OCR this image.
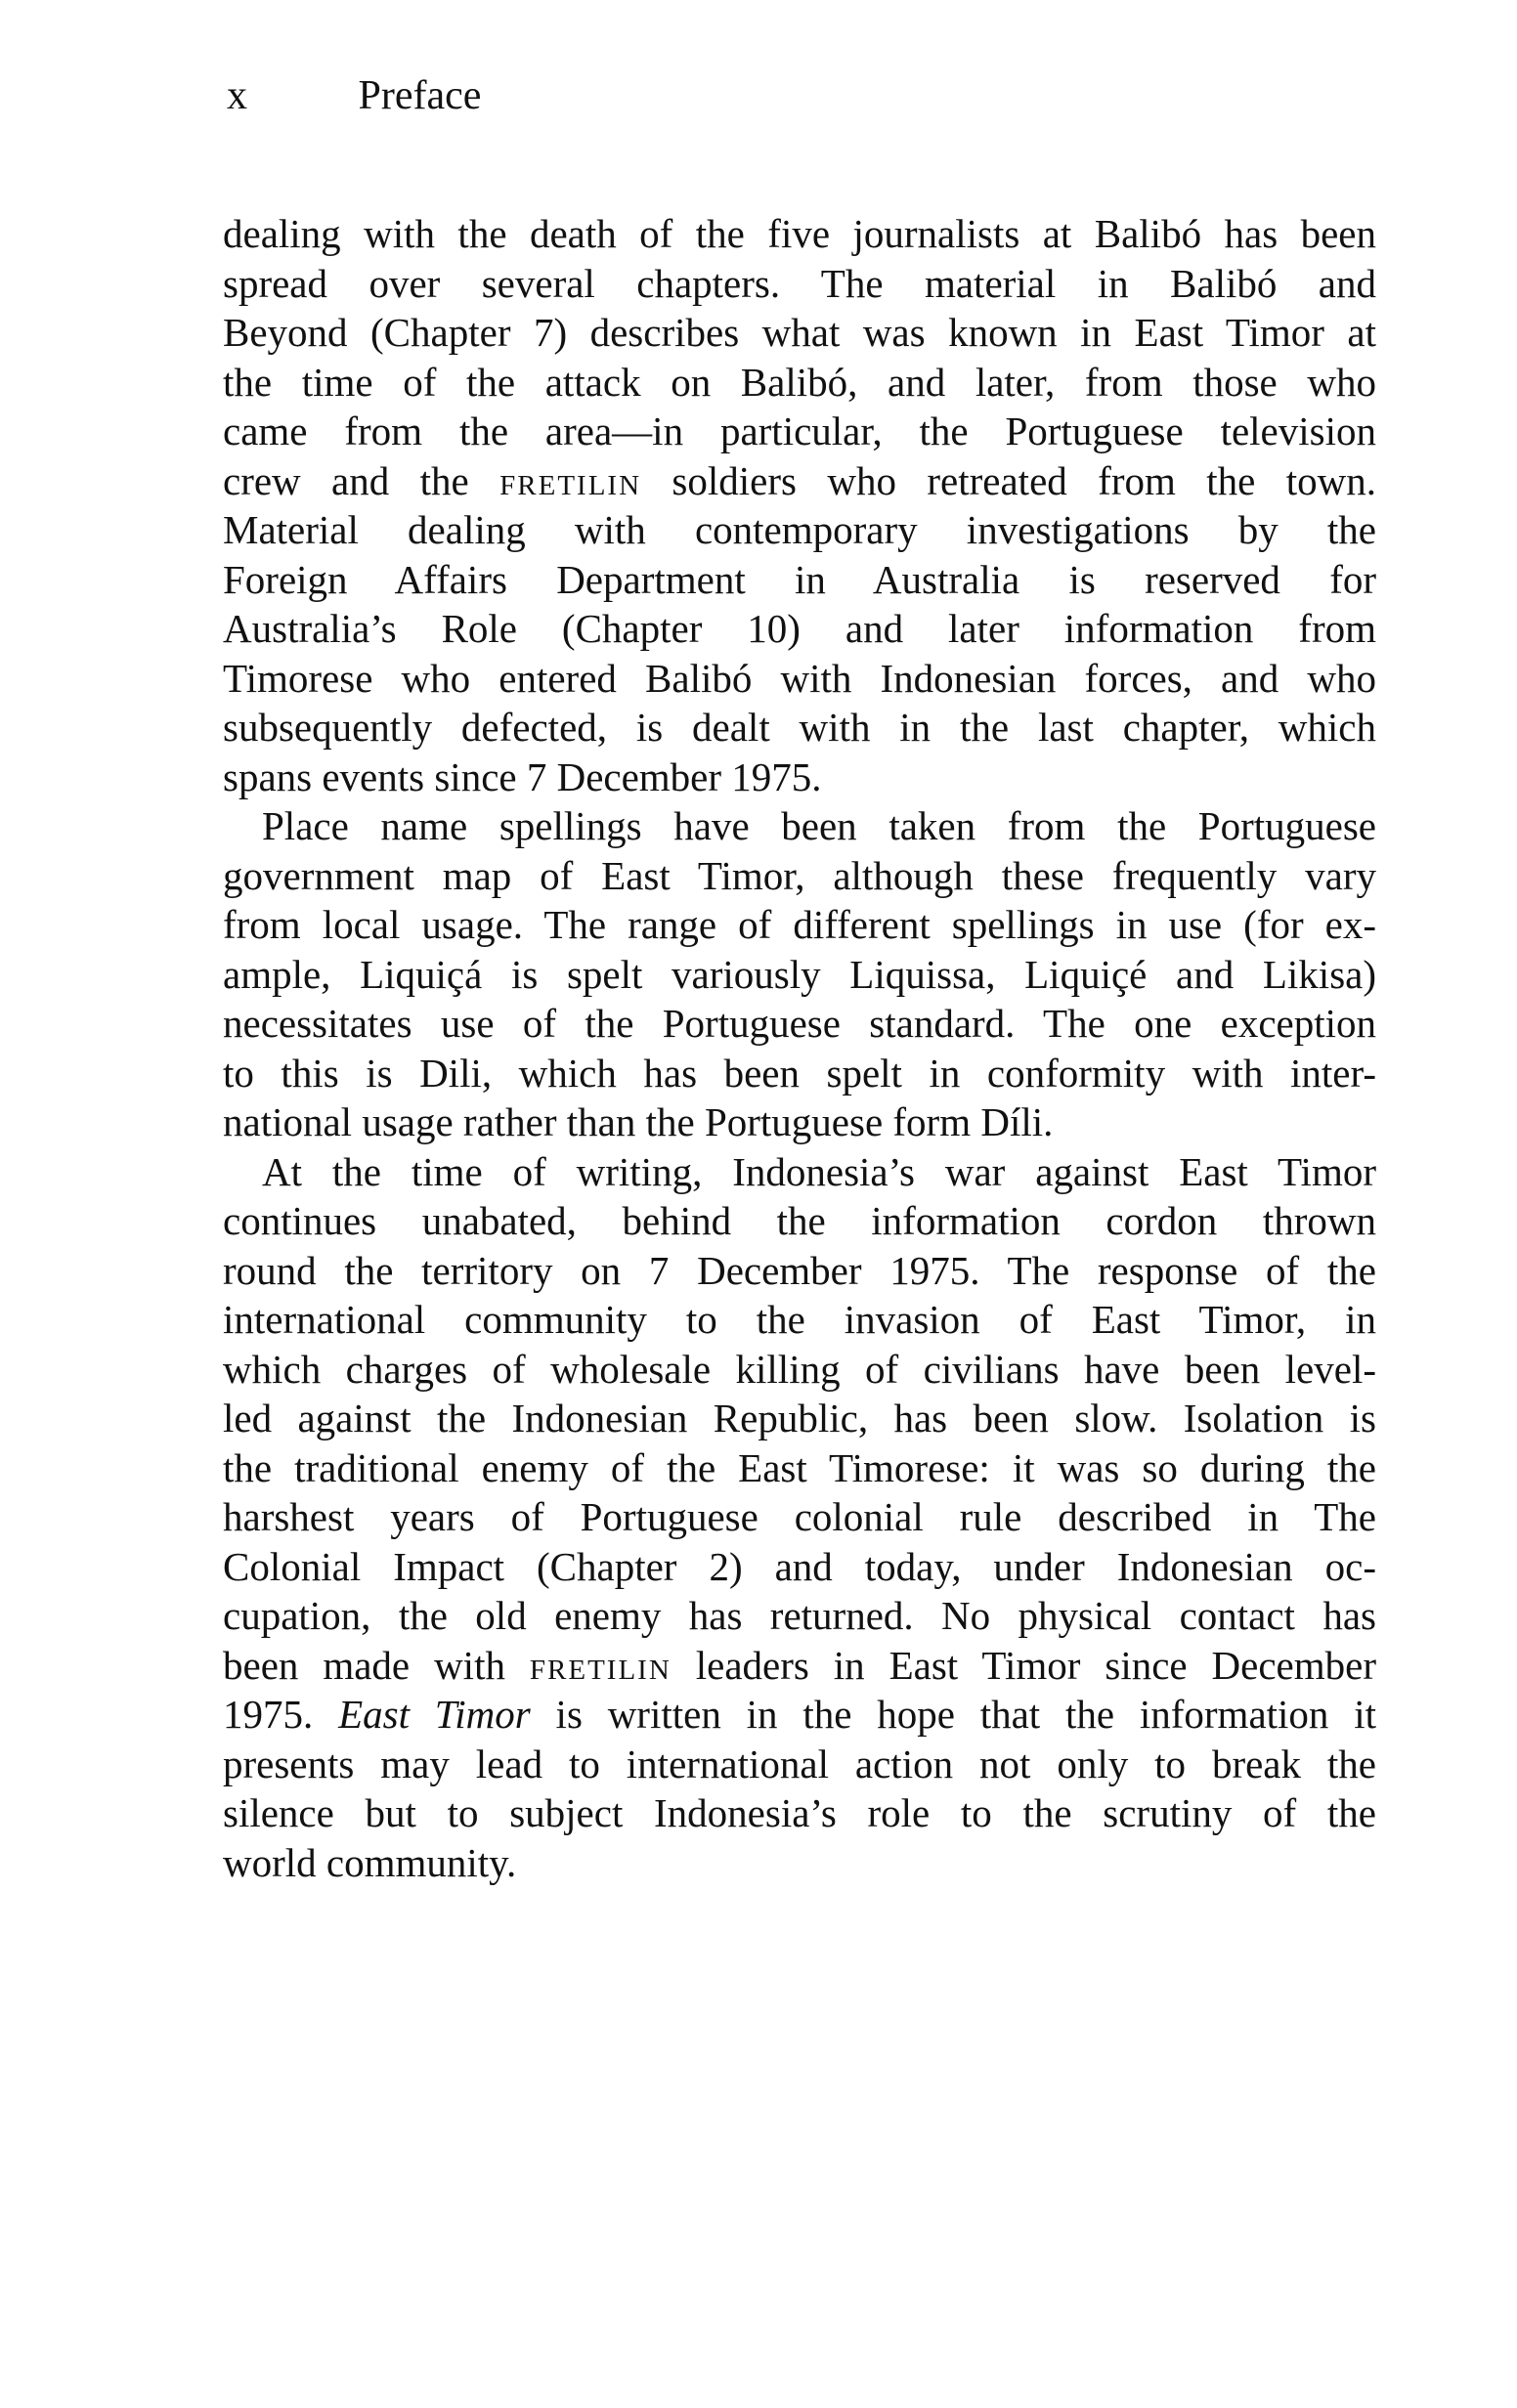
x	Preface
dealing with the death of the five journalists at Balibó has been
spread over several chapters. The material in Balibó and
Beyond (Chapter 7) describes what was known in East Timor at
the time of the attack on Balibó, and later, from those who
came from the area—in particular, the Portuguese television
crew and the FRETILIN soldiers who retreated from the town.
Material dealing with contemporary investigations by the
Foreign Affairs Department in Australia is reserved for
Australia’s Role (Chapter 10) and later information from
Timorese who entered Balibó with Indonesian forces, and who
subsequently defected, is dealt with in the last chapter, which
spans events since 7 December 1975.
Place name spellings have been taken from the Portuguese
government map of East Timor, although these frequently vary
from local usage. The range of different spellings in use (for ex-
ample, Liquiçá is spelt variously Liquissa, Liquiçé and Likisa)
necessitates use of the Portuguese standard. The one exception
to this is Dili, which has been spelt in conformity with inter-
national usage rather than the Portuguese form Díli.
At the time of writing, Indonesia’s war against East Timor
continues unabated, behind the information cordon thrown
round the territory on 7 December 1975. The response of the
international community to the invasion of East Timor, in
which charges of wholesale killing of civilians have been level-
led against the Indonesian Republic, has been slow. Isolation is
the traditional enemy of the East Timorese: it was so during the
harshest years of Portuguese colonial rule described in The
Colonial Impact (Chapter 2) and today, under Indonesian oc-
cupation, the old enemy has returned. No physical contact has
been made with FRETILIN leaders in East Timor since December
1975. East Timor is written in the hope that the information it
presents may lead to international action not only to break the
silence but to subject Indonesia’s role to the scrutiny of the
world community.
